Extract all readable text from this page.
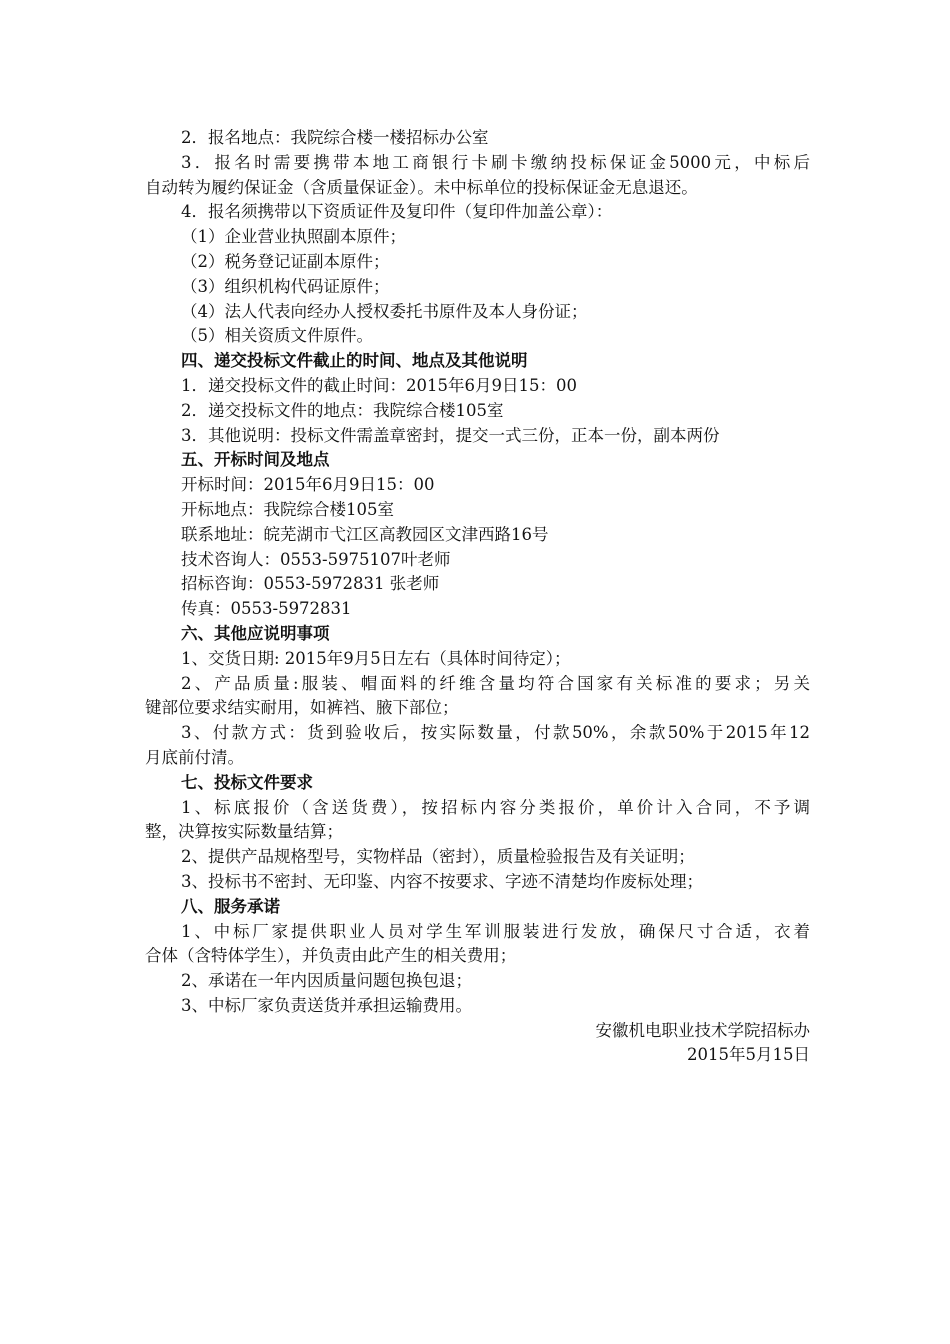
2．报名地点：我院综合楼一楼招标办公室
3．报名时需要携带本地工商银行卡刷卡缴纳投标保证金5000元，中标后
自动转为履约保证金（含质量保证金）。未中标单位的投标保证金无息退还。
4．报名须携带以下资质证件及复印件（复印件加盖公章）：
（1）企业营业执照副本原件；
（2）税务登记证副本原件；
（3）组织机构代码证原件；
（4）法人代表向经办人授权委托书原件及本人身份证；
（5）相关资质文件原件。
四、递交投标文件截止的时间、地点及其他说明
1．递交投标文件的截止时间：2015年6月9日15：00
2．递交投标文件的地点：我院综合楼105室
3．其他说明：投标文件需盖章密封，提交一式三份，正本一份，副本两份
五、开标时间及地点
开标时间：2015年6月9日15：00
开标地点：我院综合楼105室
联系地址：皖芜湖市弋江区高教园区文津西路16号
技术咨询人：0553-5975107叶老师
招标咨询：0553-5972831 张老师
传真：0553-5972831
六、其他应说明事项
1、交货日期: 2015年9月5日左右（具体时间待定）；
2、产品质量:服装、帽面料的纤维含量均符合国家有关标准的要求；另关
键部位要求结实耐用，如裤裆、腋下部位；
3、付款方式：货到验收后，按实际数量，付款50%，余款50%于2015年12
月底前付清。
七、投标文件要求
1、标底报价（含送货费），按招标内容分类报价，单价计入合同，不予调
整，决算按实际数量结算；
2、提供产品规格型号，实物样品（密封），质量检验报告及有关证明；
3、投标书不密封、无印鉴、内容不按要求、字迹不清楚均作废标处理；
八、服务承诺
1、中标厂家提供职业人员对学生军训服装进行发放，确保尺寸合适，衣着
合体（含特体学生），并负责由此产生的相关费用；
2、承诺在一年内因质量问题包换包退；
3、中标厂家负责送货并承担运输费用。
安徽机电职业技术学院招标办
2015年5月15日
